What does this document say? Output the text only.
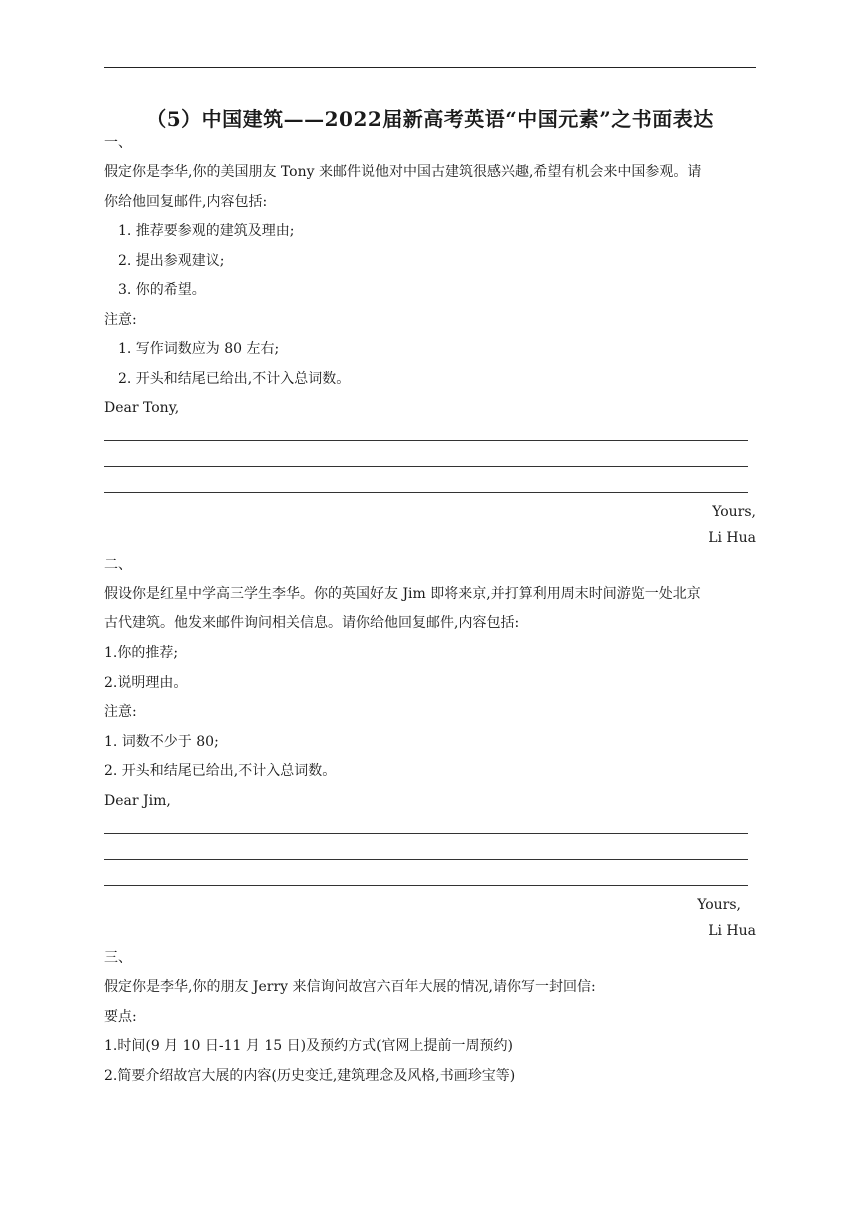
（5）中国建筑——2022届新高考英语“中国元素”之书面表达
一、
假定你是李华,你的美国朋友 Tony 来邮件说他对中国古建筑很感兴趣,希望有机会来中国参观。请
你给他回复邮件,内容包括:
1. 推荐要参观的建筑及理由;
2. 提出参观建议;
3. 你的希望。
注意:
1. 写作词数应为 80 左右;
2. 开头和结尾已给出,不计入总词数。
Dear Tony,
Yours,
Li Hua
二、
假设你是红星中学高三学生李华。你的英国好友 Jim 即将来京,并打算利用周末时间游览一处北京
古代建筑。他发来邮件询问相关信息。请你给他回复邮件,内容包括:
1.你的推荐;
2.说明理由。
注意:
1. 词数不少于 80;
2. 开头和结尾已给出,不计入总词数。
Dear Jim,
Yours,
Li Hua
三、
假定你是李华,你的朋友 Jerry 来信询问故宫六百年大展的情况,请你写一封回信:
要点:
1.时间(9 月 10 日-11 月 15 日)及预约方式(官网上提前一周预约)
2.简要介绍故宫大展的内容(历史变迁,建筑理念及风格,书画珍宝等)
